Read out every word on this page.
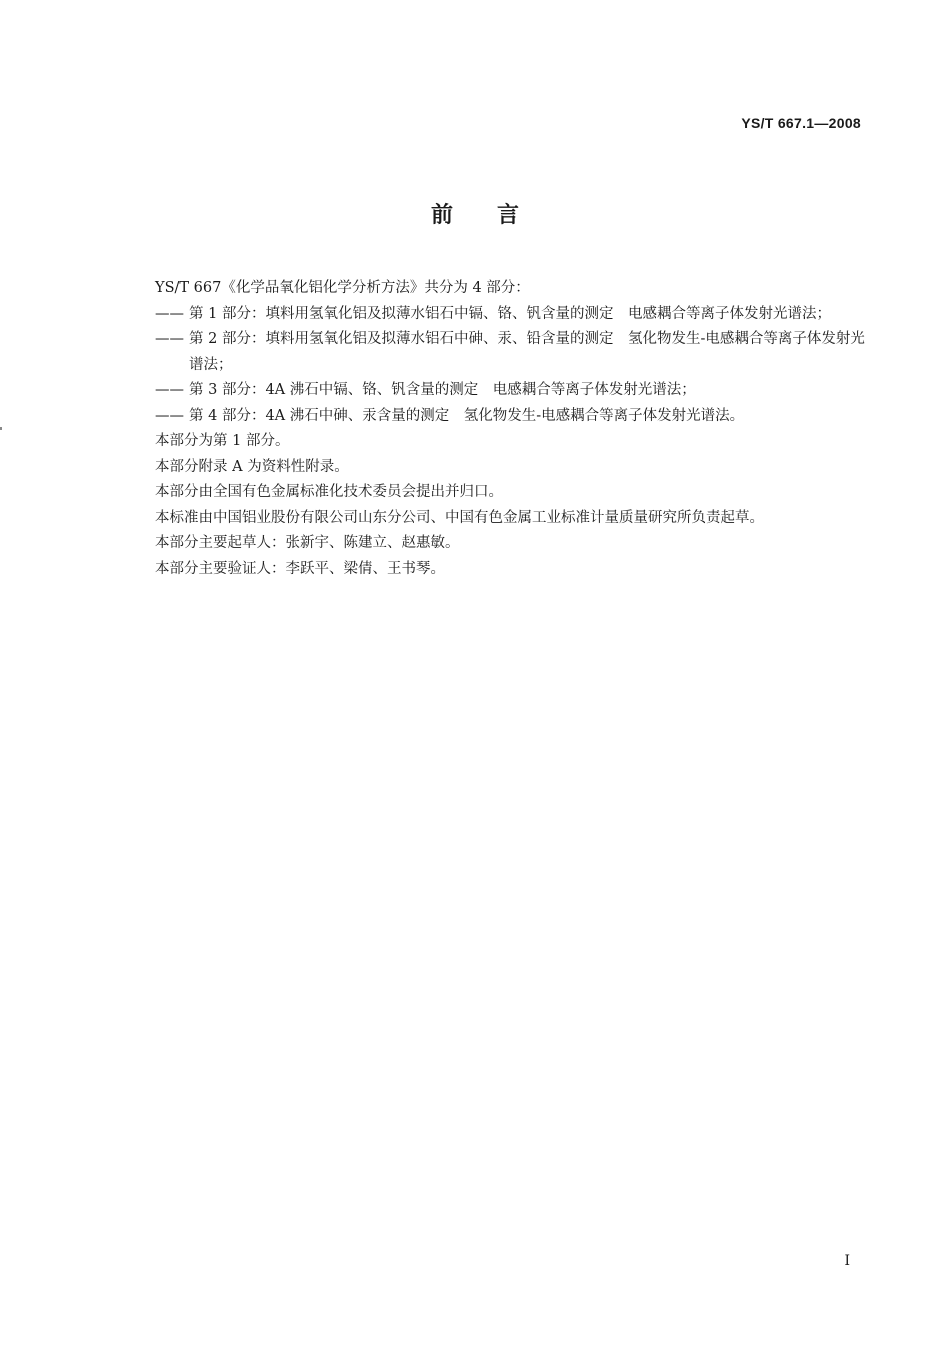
YS/T 667.1—2008
前言
YS/T 667《化学品氧化铝化学分析方法》共分为 4 部分：
—— 第 1 部分：填料用氢氧化铝及拟薄水铝石中镉、铬、钒含量的测定　电感耦合等离子体发射光谱法；
—— 第 2 部分：填料用氢氧化铝及拟薄水铝石中砷、汞、铅含量的测定　氢化物发生-电感耦合等离子体发射光谱法；
—— 第 3 部分：4A 沸石中镉、铬、钒含量的测定　电感耦合等离子体发射光谱法；
—— 第 4 部分：4A 沸石中砷、汞含量的测定　氢化物发生-电感耦合等离子体发射光谱法。
本部分为第 1 部分。
本部分附录 A 为资料性附录。
本部分由全国有色金属标准化技术委员会提出并归口。
本标准由中国铝业股份有限公司山东分公司、中国有色金属工业标准计量质量研究所负责起草。
本部分主要起草人：张新宇、陈建立、赵惠敏。
本部分主要验证人：李跃平、梁倩、王书琴。
I
